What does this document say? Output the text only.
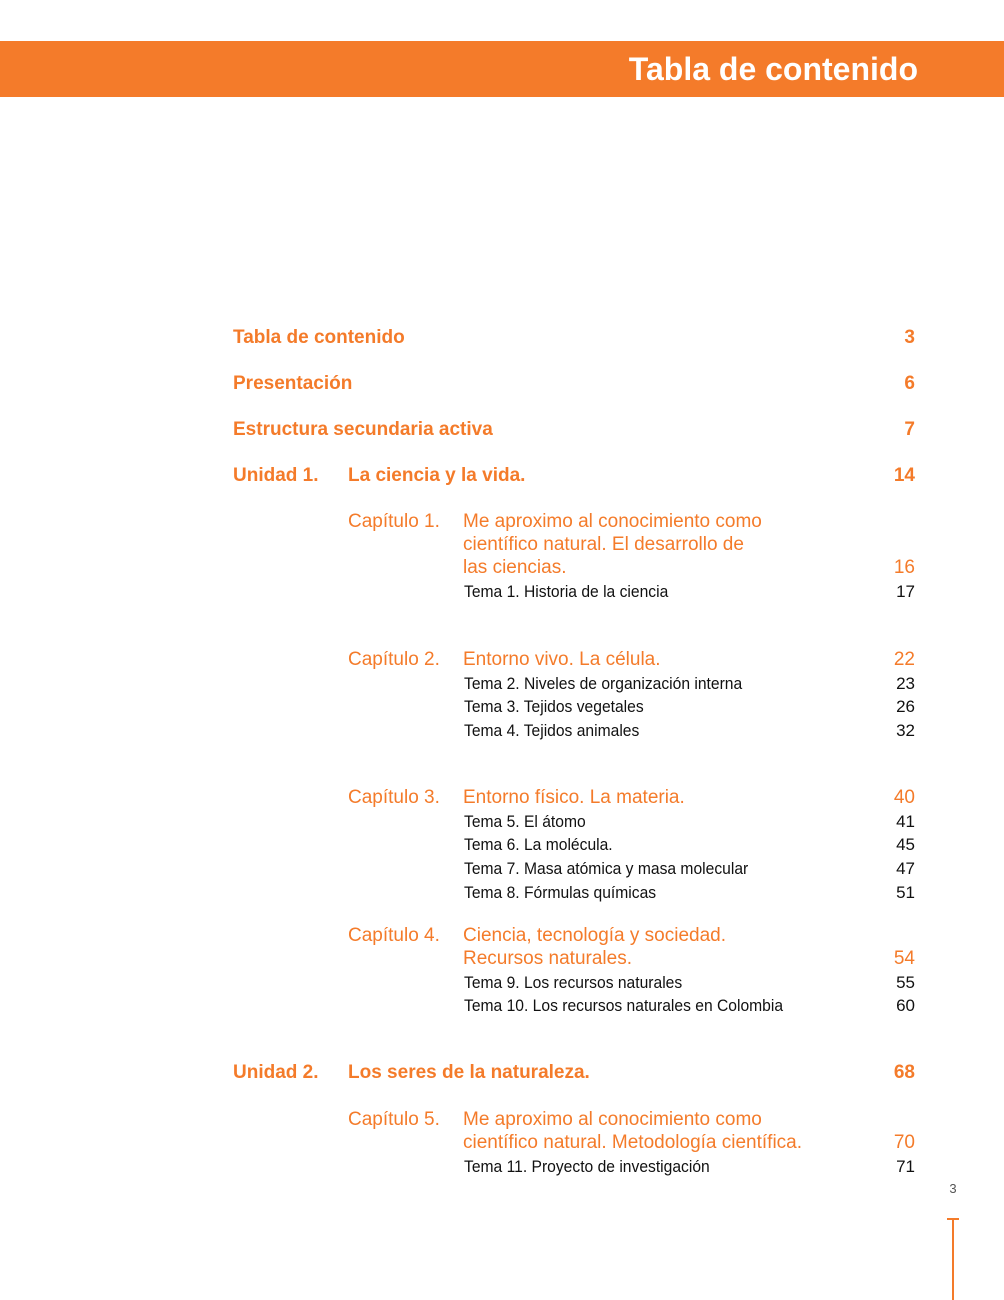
Tabla de contenido
Tabla de contenido	3
Presentación	6
Estructura secundaria activa	7
Unidad 1. La ciencia y la vida.	14
Capítulo 1. Me aproximo al conocimiento como
científico natural. El desarrollo de
las ciencias.	16
Tema 1. Historia de la ciencia	17
Capítulo 2. Entorno vivo. La célula.	22
Tema 2. Niveles de organización interna	23
Tema 3. Tejidos vegetales	26
Tema 4. Tejidos animales	32
Capítulo 3. Entorno físico. La materia.	40
Tema 5. El átomo	41
Tema 6. La molécula.	45
Tema 7. Masa atómica y masa molecular	47
Tema 8. Fórmulas químicas	51
Capítulo 4. Ciencia, tecnología y sociedad.
Recursos naturales.	54
Tema 9. Los recursos naturales	55
Tema 10. Los recursos naturales en Colombia	60
Unidad 2. Los seres de la naturaleza.	68
Capítulo 5. Me aproximo al conocimiento como
científico natural. Metodología científica.	70
Tema 11. Proyecto de investigación	71
3
